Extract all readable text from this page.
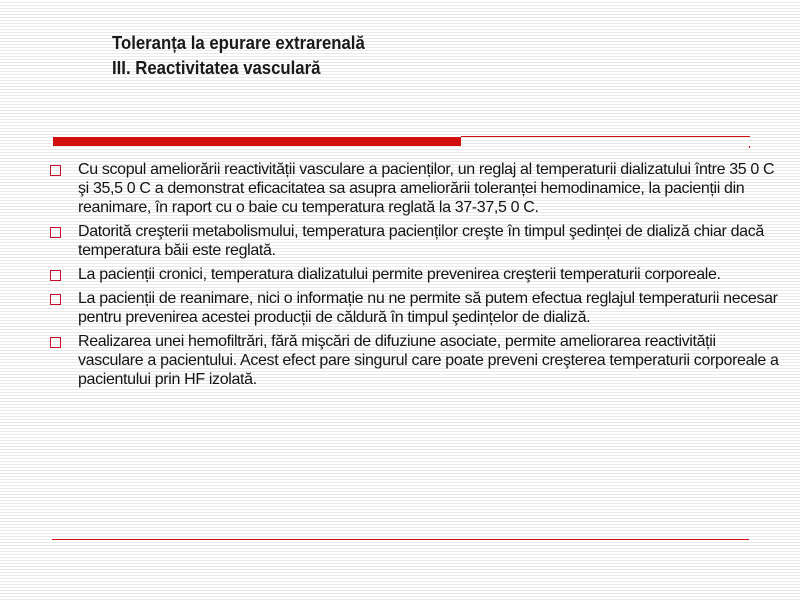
Toleranța la epurare extrarenală
III. Reactivitatea vasculară
Cu scopul ameliorării reactivității vasculare a pacienților, un reglaj al temperaturii dializatului între 35 0 C şi 35,5 0 C a demonstrat eficacitatea sa asupra ameliorării toleranței hemodinamice, la pacienții din reanimare, în raport cu o baie cu temperatura reglată la 37-37,5 0 C.
Datorită creşterii metabolismului, temperatura pacienților creşte în timpul şedinței de dializă chiar dacă temperatura băii este reglată.
La pacienții cronici, temperatura dializatului permite prevenirea creşterii temperaturii corporeale.
La pacienții de reanimare, nici o informație nu ne permite să putem efectua reglajul temperaturii necesar pentru prevenirea acestei producții de căldură în timpul şedințelor de dializă.
Realizarea unei hemofiltrări, fără mişcări de difuziune asociate, permite ameliorarea reactivității vasculare a pacientului. Acest efect pare singurul care poate preveni creşterea temperaturii corporeale a pacientului prin HF izolată.
